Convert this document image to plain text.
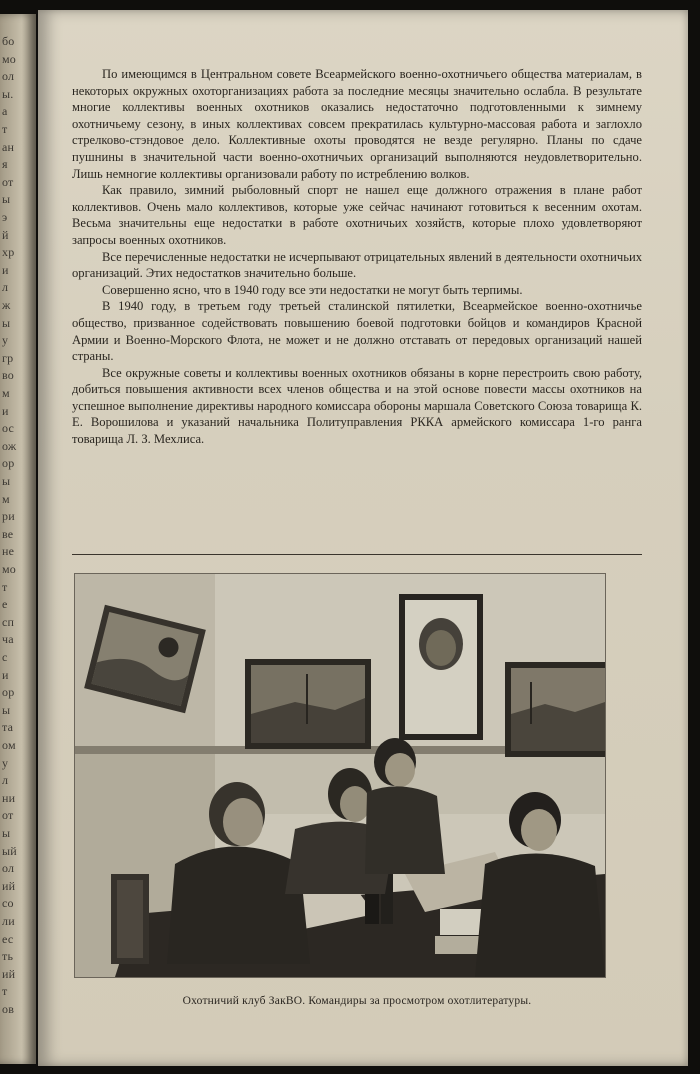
бо
мо
ол
ы.
а
т
ан
я
от
ы
э
й
хр
и
л
ж
ы
у
гр
во
м
и
ос
ож
ор
ы
м
ри
ве
не
мо
т
е
сп
ча
с
и
ор
ы
та
ом
у
л
ни
от
ы
ый
ол
ий
со
ли
ес
ть
ий
т
ов

По имеющимся в Центральном совете Всеармейского военно-охотничьего общества материалам, в некоторых окружных охоторганизациях работа за последние месяцы значительно ослабла. В результате многие коллективы военных охотников оказались недостаточно подготовленными к зимнему охотничьему сезону, в иных коллективах совсем прекратилась культурно-массовая работа и заглохло стрелково-стэндовое дело. Коллективные охоты проводятся не везде регулярно. Планы по сдаче пушнины в значительной части военно-охотничьих организаций выполняются неудовлетворительно. Лишь немногие коллективы организовали работу по истреблению волков.

Как правило, зимний рыболовный спорт не нашел еще должного отражения в плане работ коллективов. Очень мало коллективов, которые уже сейчас начинают готовиться к весенним охотам. Весьма значительны еще недостатки в работе охотничьих хозяйств, которые плохо удовлетворяют запросы военных охотников.

Все перечисленные недостатки не исчерпывают отрицательных явлений в деятельности охотничьих организаций. Этих недостатков значительно больше.

Совершенно ясно, что в 1940 году все эти недостатки не могут быть терпимы.

В 1940 году, в третьем году третьей сталинской пятилетки, Всеармейское военно-охотничье общество, призванное содействовать повышению боевой подготовки бойцов и командиров Красной Армии и Военно-Морского Флота, не может и не должно отставать от передовых организаций нашей страны.

Все окружные советы и коллективы военных охотников обязаны в корне перестроить свою работу, добиться повышения активности всех членов общества и на этой основе повести массы охотников на успешное выполнение директивы народного комиссара обороны маршала Советского Союза товарища К. Е. Ворошилова и указаний начальника Политуправления РККА армейского комиссара 1-го ранга товарища Л. З. Мехлиса.

Охотничий клуб ЗакВО. Командиры за просмотром охотлитературы.
